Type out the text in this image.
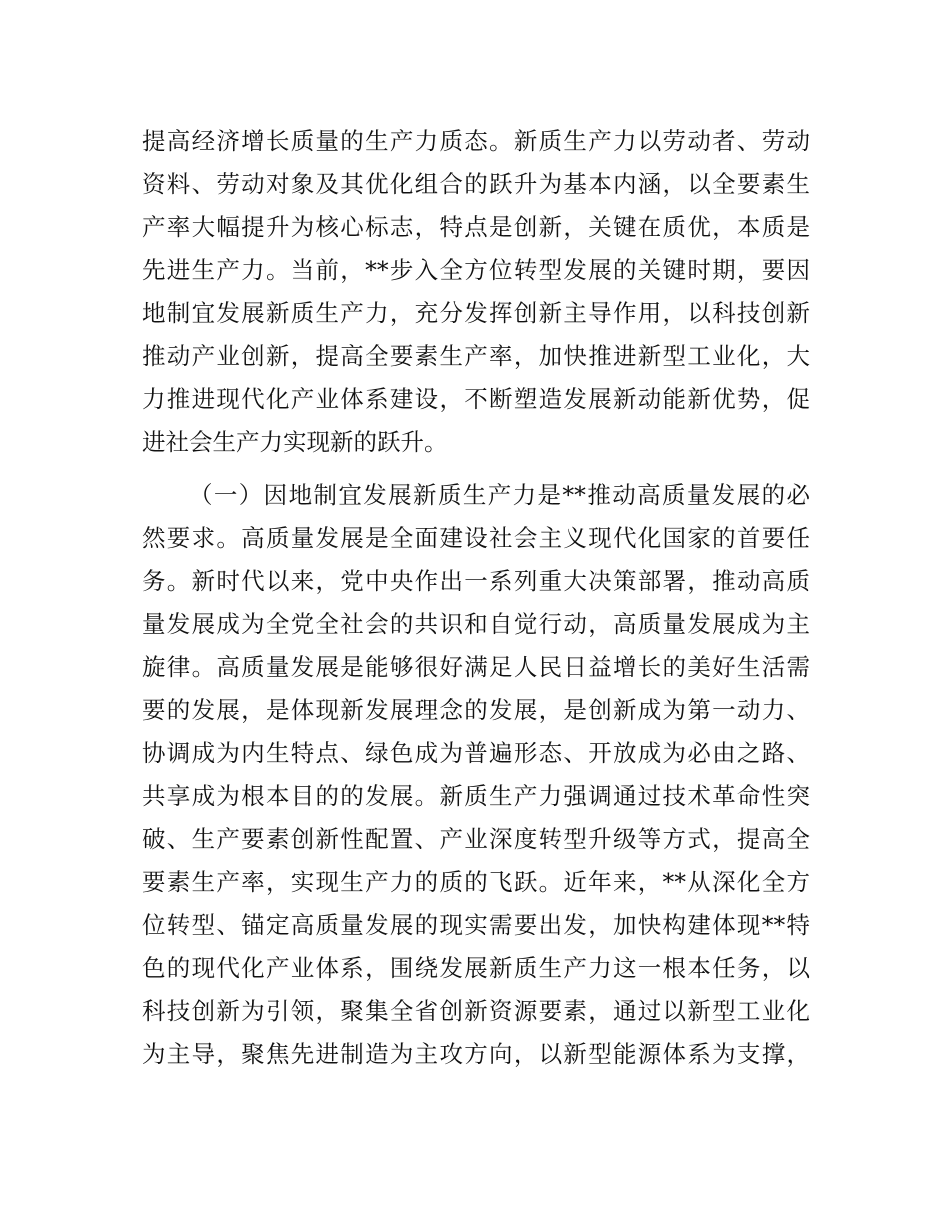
提高经济增长质量的生产力质态。新质生产力以劳动者、劳动
资料、劳动对象及其优化组合的跃升为基本内涵，以全要素生
产率大幅提升为核心标志，特点是创新，关键在质优，本质是
先进生产力。当前，**步入全方位转型发展的关键时期，要因
地制宜发展新质生产力，充分发挥创新主导作用，以科技创新
推动产业创新，提高全要素生产率，加快推进新型工业化，大
力推进现代化产业体系建设，不断塑造发展新动能新优势，促
进社会生产力实现新的跃升。
（一）因地制宜发展新质生产力是**推动高质量发展的必
然要求。高质量发展是全面建设社会主义现代化国家的首要任
务。新时代以来，党中央作出一系列重大决策部署，推动高质
量发展成为全党全社会的共识和自觉行动，高质量发展成为主
旋律。高质量发展是能够很好满足人民日益增长的美好生活需
要的发展，是体现新发展理念的发展，是创新成为第一动力、
协调成为内生特点、绿色成为普遍形态、开放成为必由之路、
共享成为根本目的的发展。新质生产力强调通过技术革命性突
破、生产要素创新性配置、产业深度转型升级等方式，提高全
要素生产率，实现生产力的质的飞跃。近年来，**从深化全方
位转型、锚定高质量发展的现实需要出发，加快构建体现**特
色的现代化产业体系，围绕发展新质生产力这一根本任务，以
科技创新为引领，聚集全省创新资源要素，通过以新型工业化
为主导，聚焦先进制造为主攻方向，以新型能源体系为支撑，
